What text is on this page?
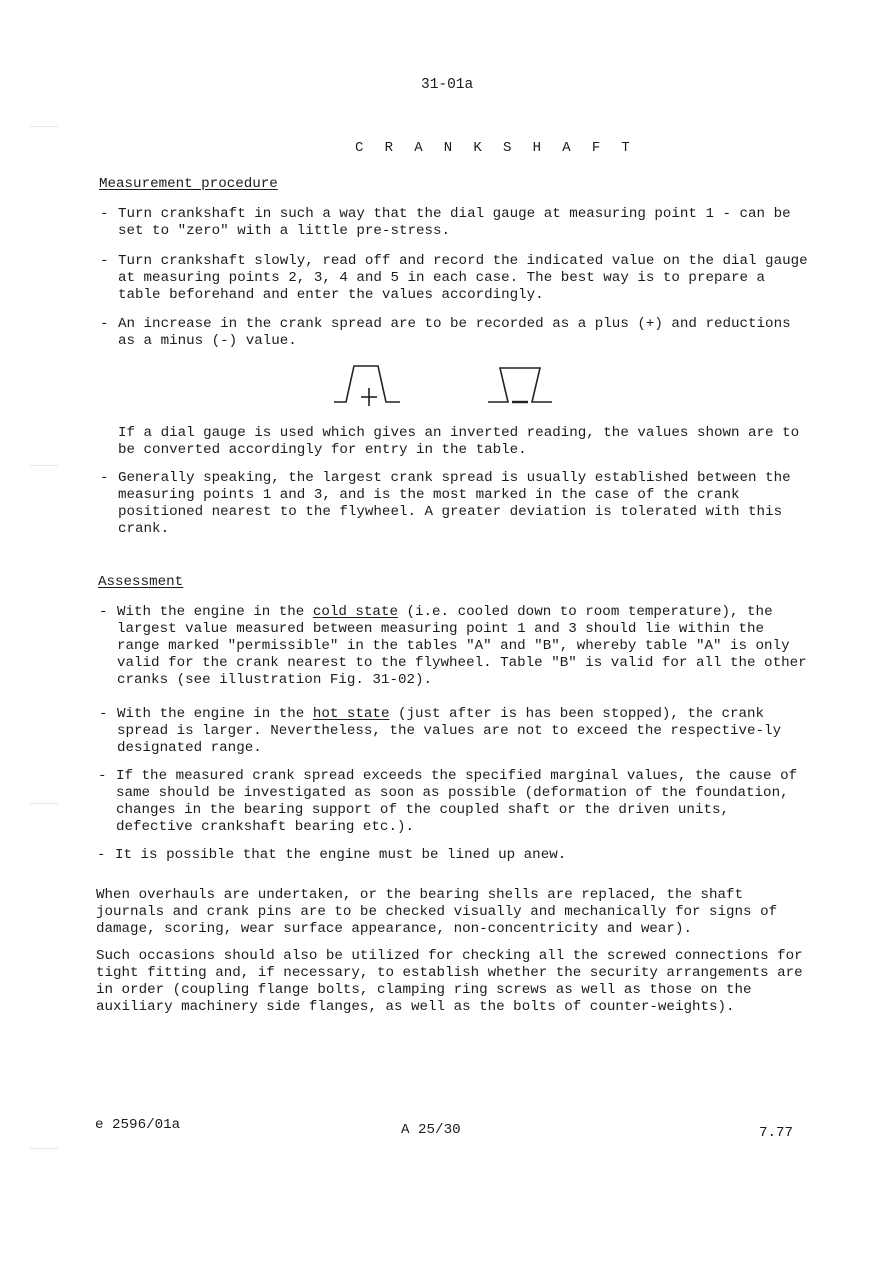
31-01a
C R A N K S H A F T
Measurement procedure
- Turn crankshaft in such a way that the dial gauge at measuring point 1 - can be set to "zero" with a little pre-stress.
- Turn crankshaft slowly, read off and record the indicated value on the dial gauge at measuring points 2, 3, 4 and 5 in each case. The best way is to prepare a table beforehand and enter the values accordingly.
- An increase in the crank spread are to be recorded as a plus (+) and reductions as a minus (-) value.
If a dial gauge is used which gives an inverted reading, the values shown are to be converted accordingly for entry in the table.
- Generally speaking, the largest crank spread is usually established between the measuring points 1 and 3, and is the most marked in the case of the crank positioned nearest to the flywheel. A greater deviation is tolerated with this crank.
Assessment
- With the engine in the cold state (i.e. cooled down to room temperature), the largest value measured between measuring point 1 and 3 should lie within the range marked "permissible" in the tables "A" and "B", whereby table "A" is only valid for the crank nearest to the flywheel. Table "B" is valid for all the other cranks (see illustration Fig. 31-02).
- With the engine in the hot state (just after is has been stopped), the crank spread is larger. Nevertheless, the values are not to exceed the respective-ly designated range.
- If the measured crank spread exceeds the specified marginal values, the cause of same should be investigated as soon as possible (deformation of the foundation, changes in the bearing support of the coupled shaft or the driven units, defective crankshaft bearing etc.).
- It is possible that the engine must be lined up anew.
When overhauls are undertaken, or the bearing shells are replaced, the shaft journals and crank pins are to be checked visually and mechanically for signs of damage, scoring, wear surface appearance, non-concentricity and wear).
Such occasions should also be utilized for checking all the screwed connections for tight fitting and, if necessary, to establish whether the security arrangements are in order (coupling flange bolts, clamping ring screws as well as those on the auxiliary machinery side flanges, as well as the bolts of counter-weights).
e 2596/01a	A 25/30	7.77
